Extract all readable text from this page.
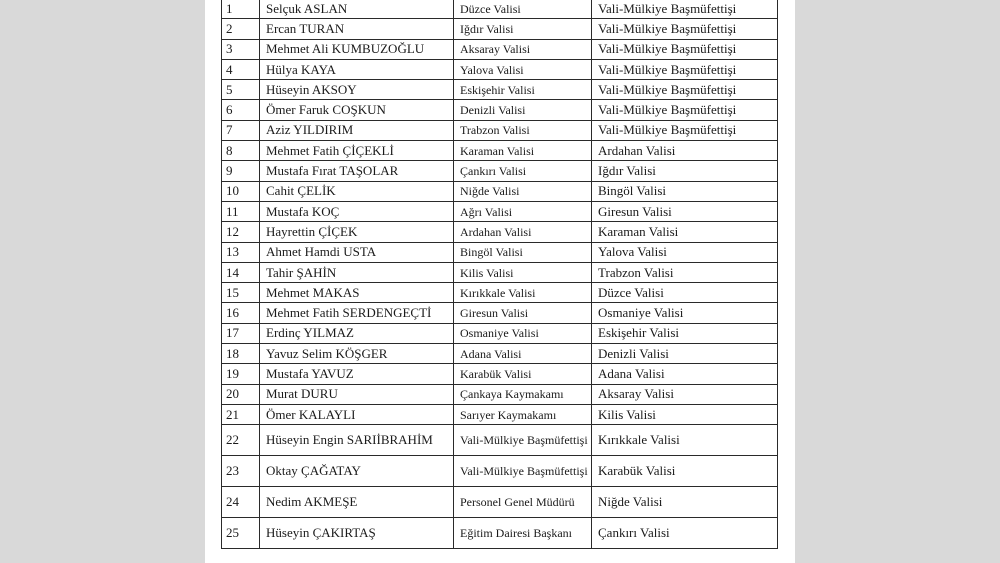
1	Selçuk ASLAN	Düzce Valisi	Vali-Mülkiye Başmüfettişi
2	Ercan TURAN	Iğdır Valisi	Vali-Mülkiye Başmüfettişi
3	Mehmet Ali KUMBUZOĞLU	Aksaray Valisi	Vali-Mülkiye Başmüfettişi
4	Hülya KAYA	Yalova Valisi	Vali-Mülkiye Başmüfettişi
5	Hüseyin AKSOY	Eskişehir Valisi	Vali-Mülkiye Başmüfettişi
6	Ömer Faruk COŞKUN	Denizli Valisi	Vali-Mülkiye Başmüfettişi
7	Aziz YILDIRIM	Trabzon Valisi	Vali-Mülkiye Başmüfettişi
8	Mehmet Fatih ÇİÇEKLİ	Karaman Valisi	Ardahan Valisi
9	Mustafa Fırat TAŞOLAR	Çankırı Valisi	Iğdır Valisi
10	Cahit ÇELİK	Niğde Valisi	Bingöl Valisi
11	Mustafa KOÇ	Ağrı Valisi	Giresun Valisi
12	Hayrettin ÇİÇEK	Ardahan Valisi	Karaman Valisi
13	Ahmet Hamdi USTA	Bingöl Valisi	Yalova Valisi
14	Tahir ŞAHİN	Kilis Valisi	Trabzon Valisi
15	Mehmet MAKAS	Kırıkkale Valisi	Düzce Valisi
16	Mehmet Fatih SERDENGEÇTİ	Giresun Valisi	Osmaniye Valisi
17	Erdinç YILMAZ	Osmaniye Valisi	Eskişehir Valisi
18	Yavuz Selim KÖŞGER	Adana Valisi	Denizli Valisi
19	Mustafa YAVUZ	Karabük Valisi	Adana Valisi
20	Murat DURU	Çankaya Kaymakamı	Aksaray Valisi
21	Ömer KALAYLI	Sarıyer Kaymakamı	Kilis Valisi
22	Hüseyin Engin SARIİBRAHİM	Vali-Mülkiye Başmüfettişi	Kırıkkale Valisi
23	Oktay ÇAĞATAY	Vali-Mülkiye Başmüfettişi	Karabük Valisi
24	Nedim AKMEŞE	Personel Genel Müdürü	Niğde Valisi
25	Hüseyin ÇAKIRTAŞ	Eğitim Dairesi Başkanı	Çankırı Valisi
